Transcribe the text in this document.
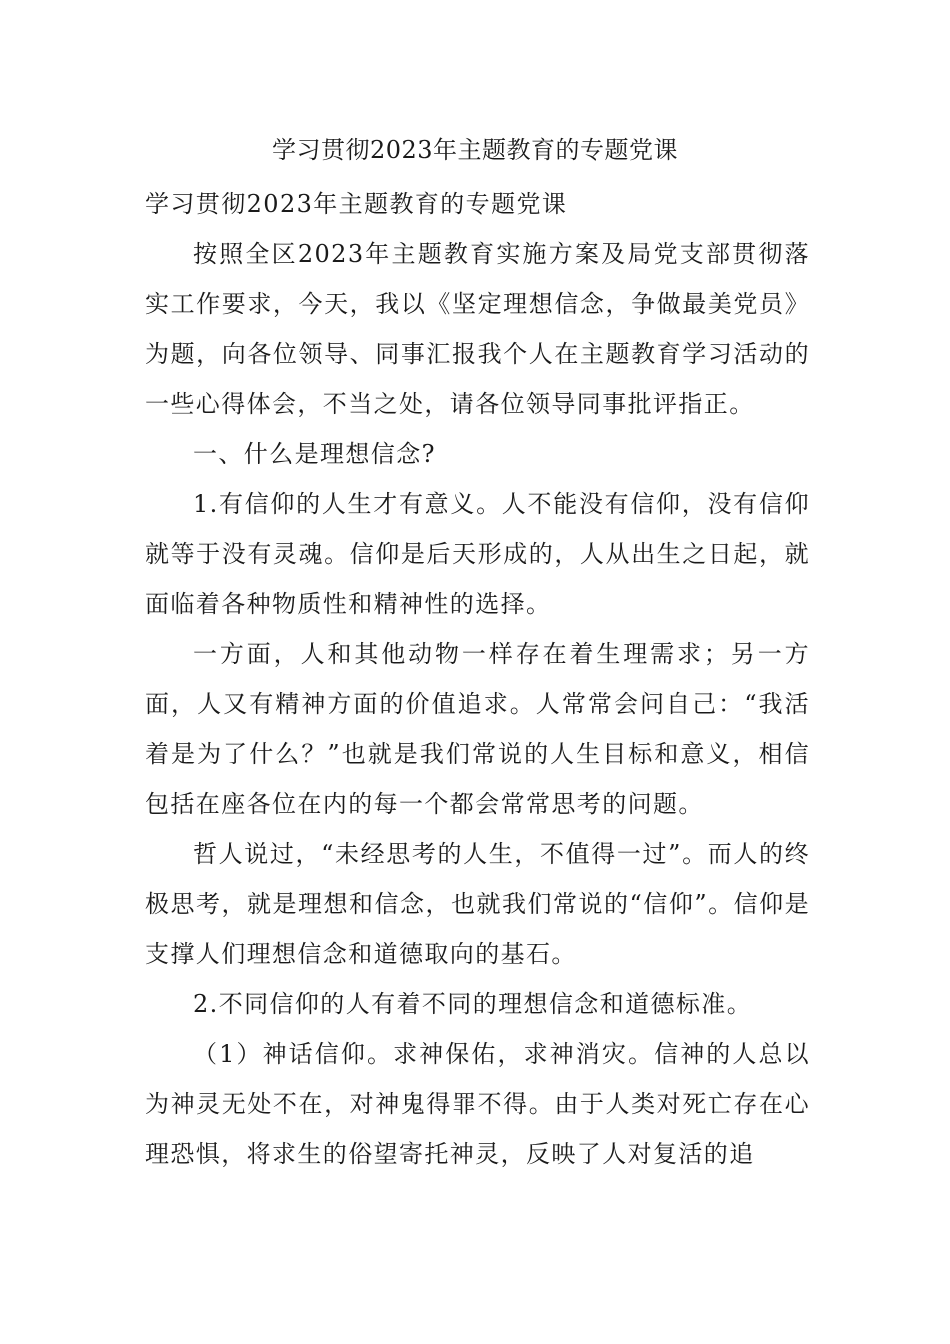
学习贯彻2023年主题教育的专题党课

学习贯彻2023年主题教育的专题党课

按照全区2023年主题教育实施方案及局党支部贯彻落实工作要求，今天，我以《坚定理想信念，争做最美党员》为题，向各位领导、同事汇报我个人在主题教育学习活动的一些心得体会，不当之处，请各位领导同事批评指正。

一、什么是理想信念?

1.有信仰的人生才有意义。人不能没有信仰，没有信仰就等于没有灵魂。信仰是后天形成的，人从出生之日起，就面临着各种物质性和精神性的选择。

一方面，人和其他动物一样存在着生理需求；另一方面，人又有精神方面的价值追求。人常常会问自己：“我活着是为了什么？”也就是我们常说的人生目标和意义，相信包括在座各位在内的每一个都会常常思考的问题。

哲人说过，“未经思考的人生，不值得一过”。而人的终极思考，就是理想和信念，也就我们常说的“信仰”。信仰是支撑人们理想信念和道德取向的基石。

2.不同信仰的人有着不同的理想信念和道德标准。

（1）神话信仰。求神保佑，求神消灾。信神的人总以为神灵无处不在，对神鬼得罪不得。由于人类对死亡存在心理恐惧，将求生的俗望寄托神灵，反映了人对复活的追
